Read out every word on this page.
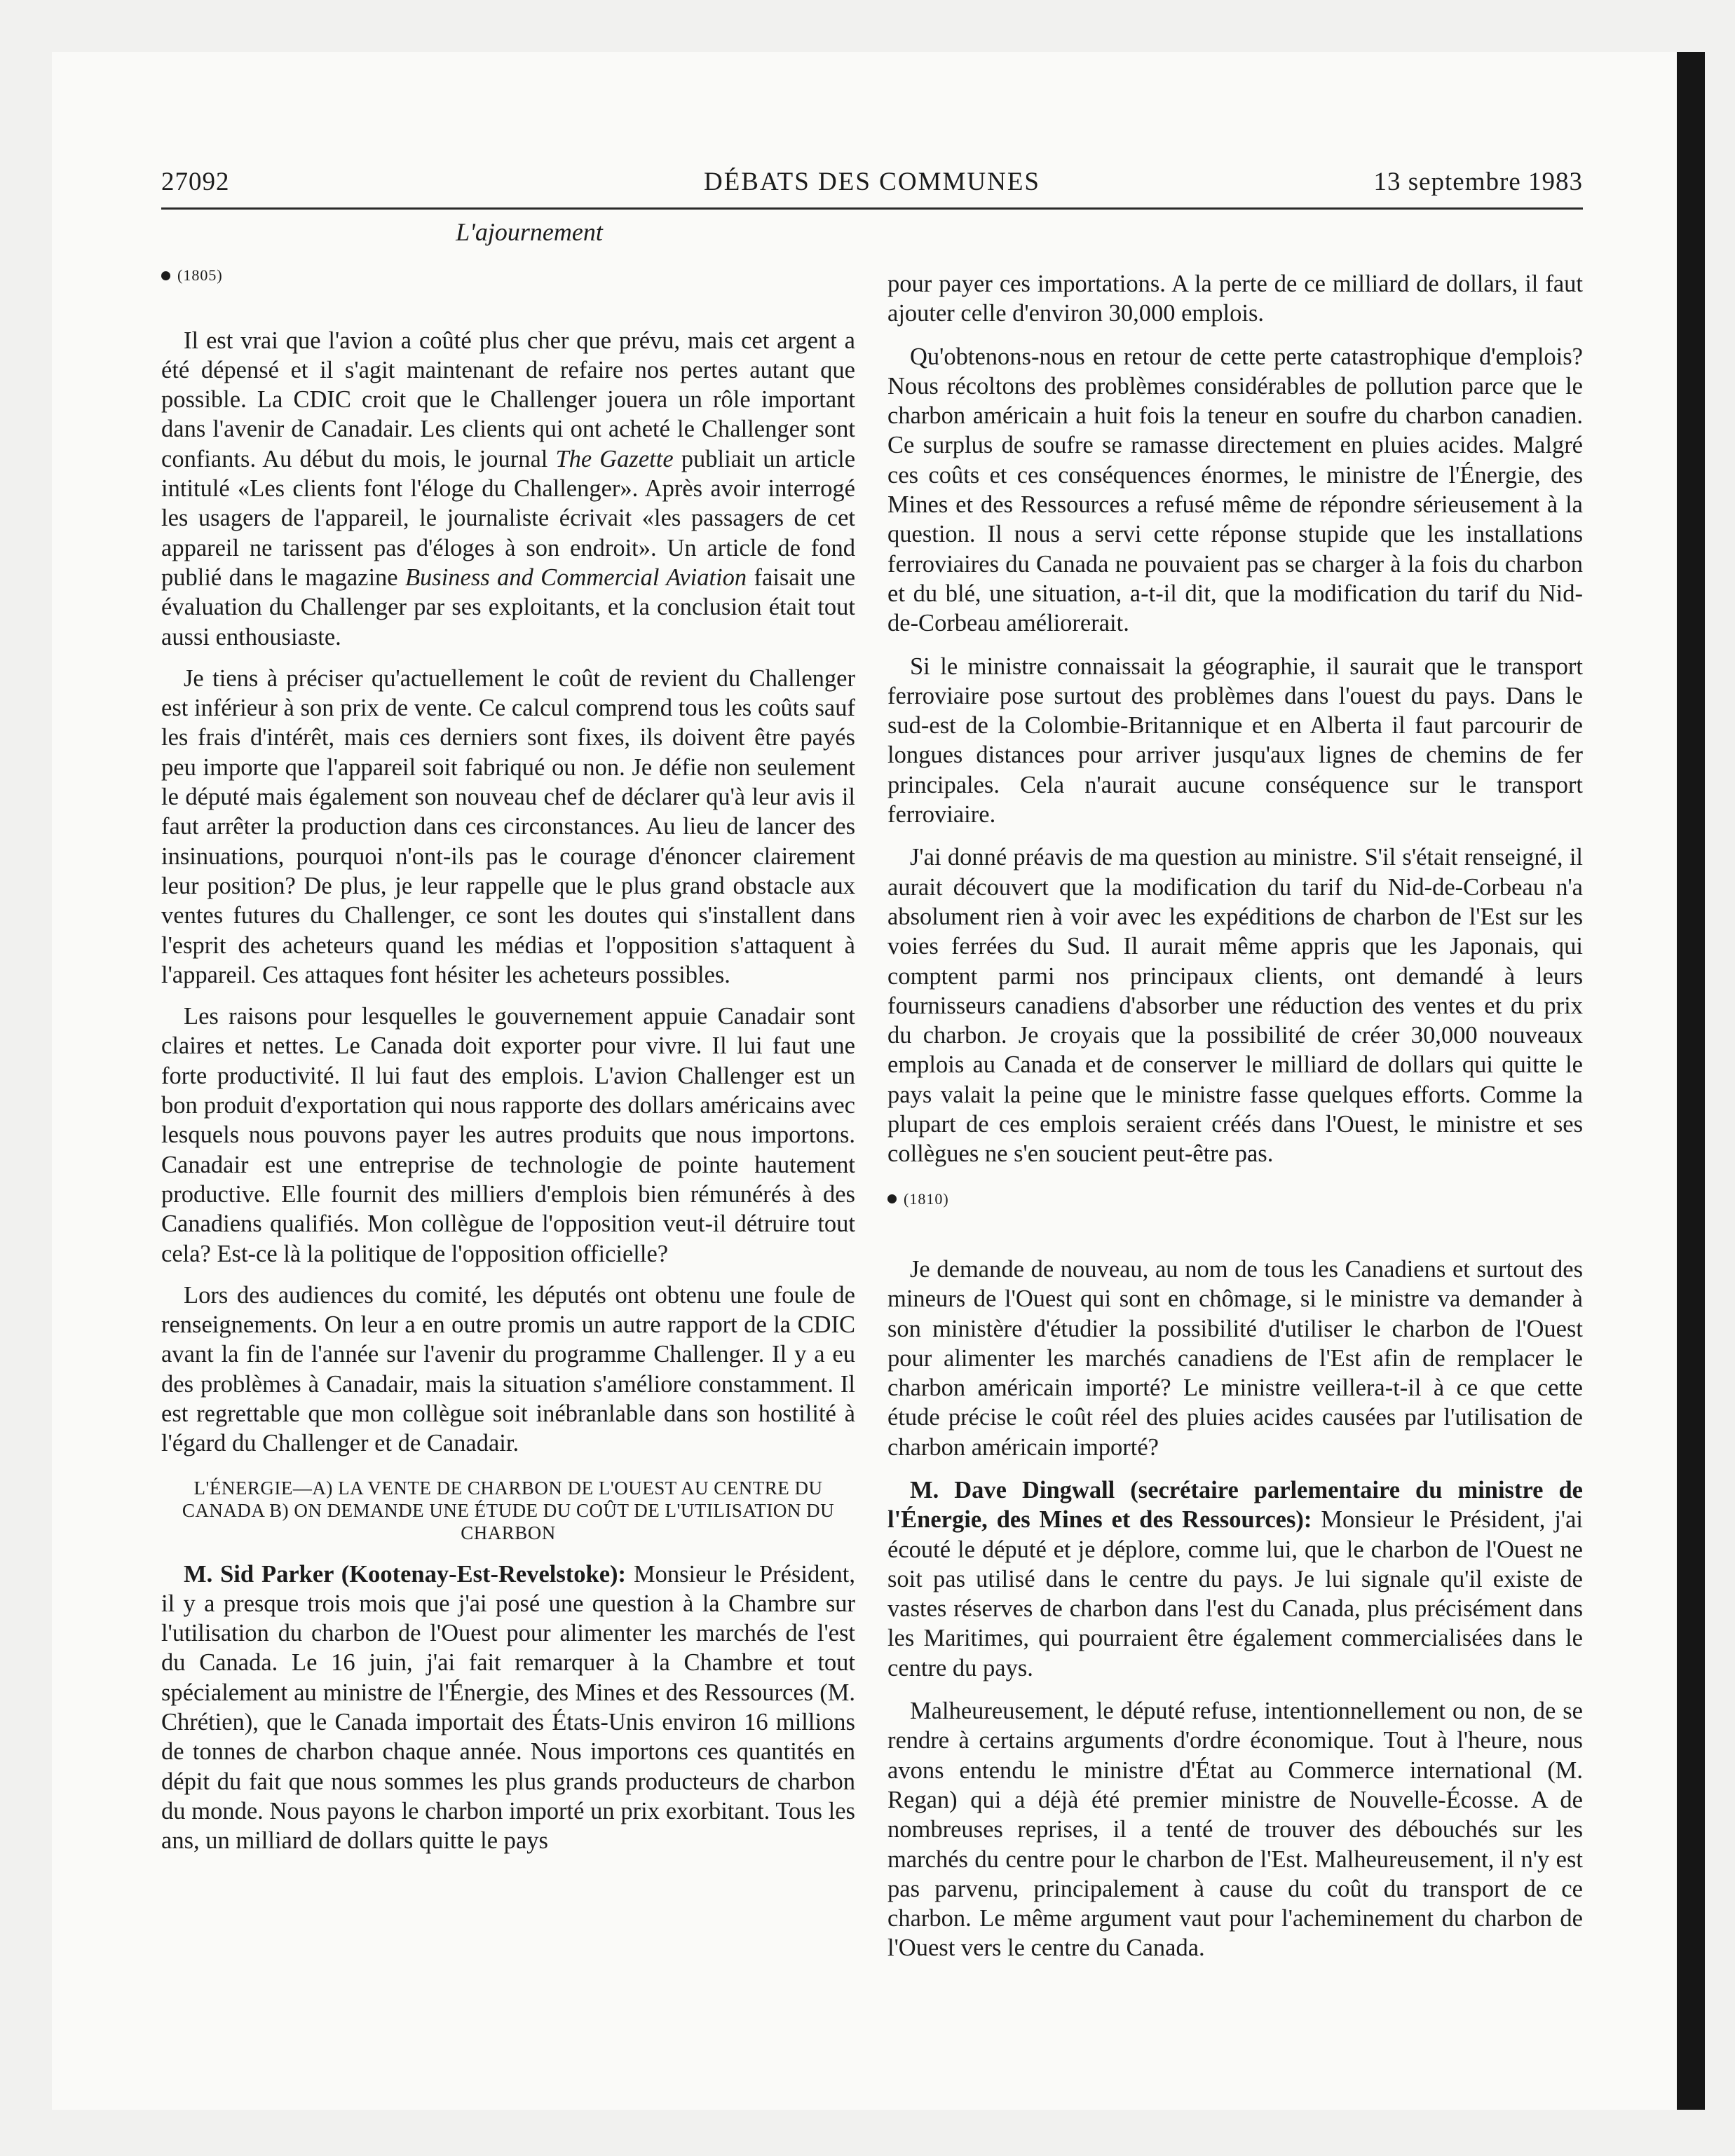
27092	DÉBATS DES COMMUNES	13 septembre 1983
L'ajournement
(1805)

Il est vrai que l'avion a coûté plus cher que prévu, mais cet argent a été dépensé et il s'agit maintenant de refaire nos pertes autant que possible. La CDIC croit que le Challenger jouera un rôle important dans l'avenir de Canadair. Les clients qui ont acheté le Challenger sont confiants. Au début du mois, le journal The Gazette publiait un article intitulé «Les clients font l'éloge du Challenger». Après avoir interrogé les usagers de l'appareil, le journaliste écrivait «les passagers de cet appareil ne tarissent pas d'éloges à son endroit». Un article de fond publié dans le magazine Business and Commercial Aviation faisait une évaluation du Challenger par ses exploitants, et la conclusion était tout aussi enthousiaste.

Je tiens à préciser qu'actuellement le coût de revient du Challenger est inférieur à son prix de vente. Ce calcul comprend tous les coûts sauf les frais d'intérêt, mais ces derniers sont fixes, ils doivent être payés peu importe que l'appareil soit fabriqué ou non. Je défie non seulement le député mais également son nouveau chef de déclarer qu'à leur avis il faut arrêter la production dans ces circonstances. Au lieu de lancer des insinuations, pourquoi n'ont-ils pas le courage d'énoncer clairement leur position? De plus, je leur rappelle que le plus grand obstacle aux ventes futures du Challenger, ce sont les doutes qui s'installent dans l'esprit des acheteurs quand les médias et l'opposition s'attaquent à l'appareil. Ces attaques font hésiter les acheteurs possibles.

Les raisons pour lesquelles le gouvernement appuie Canadair sont claires et nettes. Le Canada doit exporter pour vivre. Il lui faut une forte productivité. Il lui faut des emplois. L'avion Challenger est un bon produit d'exportation qui nous rapporte des dollars américains avec lesquels nous pouvons payer les autres produits que nous importons. Canadair est une entreprise de technologie de pointe hautement productive. Elle fournit des milliers d'emplois bien rémunérés à des Canadiens qualifiés. Mon collègue de l'opposition veut-il détruire tout cela? Est-ce là la politique de l'opposition officielle?

Lors des audiences du comité, les députés ont obtenu une foule de renseignements. On leur a en outre promis un autre rapport de la CDIC avant la fin de l'année sur l'avenir du programme Challenger. Il y a eu des problèmes à Canadair, mais la situation s'améliore constamment. Il est regrettable que mon collègue soit inébranlable dans son hostilité à l'égard du Challenger et de Canadair.

L'ÉNERGIE—A) LA VENTE DE CHARBON DE L'OUEST AU CENTRE DU CANADA B) ON DEMANDE UNE ÉTUDE DU COÛT DE L'UTILISATION DU CHARBON

M. Sid Parker (Kootenay-Est-Revelstoke): Monsieur le Président, il y a presque trois mois que j'ai posé une question à la Chambre sur l'utilisation du charbon de l'Ouest pour alimenter les marchés de l'est du Canada. Le 16 juin, j'ai fait remarquer à la Chambre et tout spécialement au ministre de l'Énergie, des Mines et des Ressources (M. Chrétien), que le Canada importait des États-Unis environ 16 millions de tonnes de charbon chaque année. Nous importons ces quantités en dépit du fait que nous sommes les plus grands producteurs de charbon du monde. Nous payons le charbon importé un prix exorbitant. Tous les ans, un milliard de dollars quitte le pays

pour payer ces importations. A la perte de ce milliard de dollars, il faut ajouter celle d'environ 30,000 emplois.

Qu'obtenons-nous en retour de cette perte catastrophique d'emplois? Nous récoltons des problèmes considérables de pollution parce que le charbon américain a huit fois la teneur en soufre du charbon canadien. Ce surplus de soufre se ramasse directement en pluies acides. Malgré ces coûts et ces conséquences énormes, le ministre de l'Énergie, des Mines et des Ressources a refusé même de répondre sérieusement à la question. Il nous a servi cette réponse stupide que les installations ferroviaires du Canada ne pouvaient pas se charger à la fois du charbon et du blé, une situation, a-t-il dit, que la modification du tarif du Nid-de-Corbeau améliorerait.

Si le ministre connaissait la géographie, il saurait que le transport ferroviaire pose surtout des problèmes dans l'ouest du pays. Dans le sud-est de la Colombie-Britannique et en Alberta il faut parcourir de longues distances pour arriver jusqu'aux lignes de chemins de fer principales. Cela n'aurait aucune conséquence sur le transport ferroviaire.

J'ai donné préavis de ma question au ministre. S'il s'était renseigné, il aurait découvert que la modification du tarif du Nid-de-Corbeau n'a absolument rien à voir avec les expéditions de charbon de l'Est sur les voies ferrées du Sud. Il aurait même appris que les Japonais, qui comptent parmi nos principaux clients, ont demandé à leurs fournisseurs canadiens d'absorber une réduction des ventes et du prix du charbon. Je croyais que la possibilité de créer 30,000 nouveaux emplois au Canada et de conserver le milliard de dollars qui quitte le pays valait la peine que le ministre fasse quelques efforts. Comme la plupart de ces emplois seraient créés dans l'Ouest, le ministre et ses collègues ne s'en soucient peut-être pas.

(1810)

Je demande de nouveau, au nom de tous les Canadiens et surtout des mineurs de l'Ouest qui sont en chômage, si le ministre va demander à son ministère d'étudier la possibilité d'utiliser le charbon de l'Ouest pour alimenter les marchés canadiens de l'Est afin de remplacer le charbon américain importé? Le ministre veillera-t-il à ce que cette étude précise le coût réel des pluies acides causées par l'utilisation de charbon américain importé?

M. Dave Dingwall (secrétaire parlementaire du ministre de l'Énergie, des Mines et des Ressources): Monsieur le Président, j'ai écouté le député et je déplore, comme lui, que le charbon de l'Ouest ne soit pas utilisé dans le centre du pays. Je lui signale qu'il existe de vastes réserves de charbon dans l'est du Canada, plus précisément dans les Maritimes, qui pourraient être également commercialisées dans le centre du pays.

Malheureusement, le député refuse, intentionnellement ou non, de se rendre à certains arguments d'ordre économique. Tout à l'heure, nous avons entendu le ministre d'État au Commerce international (M. Regan) qui a déjà été premier ministre de Nouvelle-Écosse. A de nombreuses reprises, il a tenté de trouver des débouchés sur les marchés du centre pour le charbon de l'Est. Malheureusement, il n'y est pas parvenu, principalement à cause du coût du transport de ce charbon. Le même argument vaut pour l'acheminement du charbon de l'Ouest vers le centre du Canada.
